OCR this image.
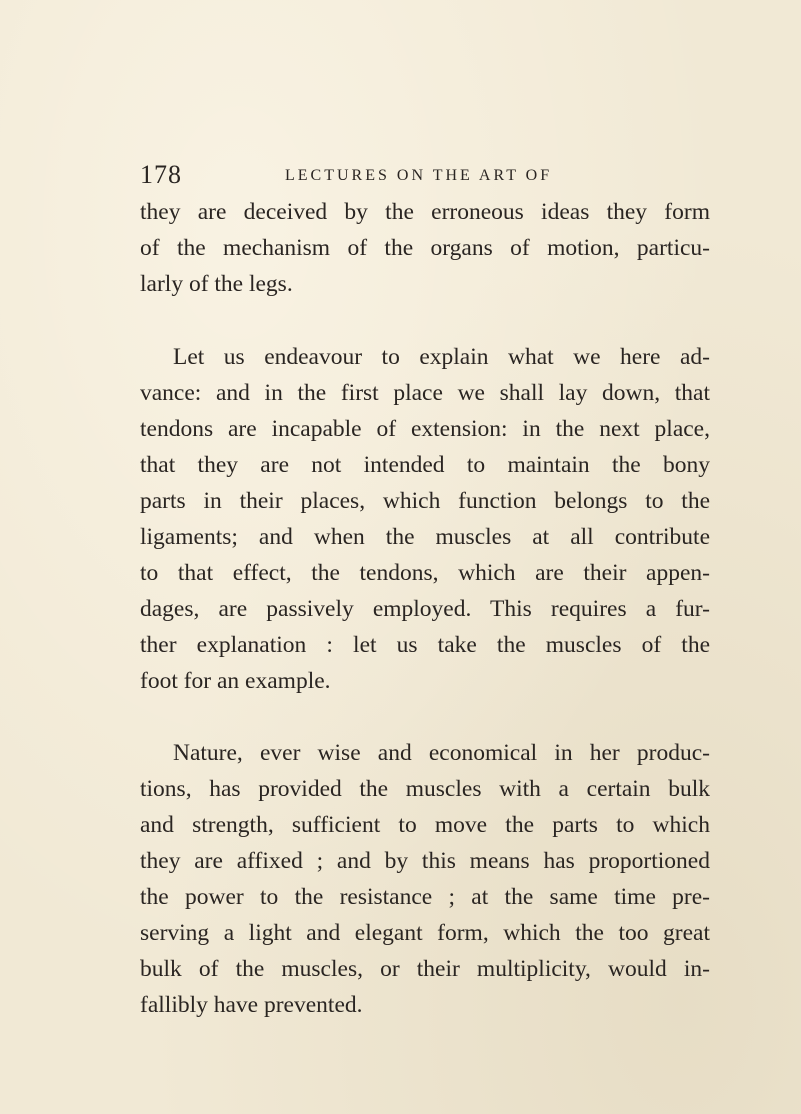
178	LECTURES ON THE ART OF
they are deceived by the erroneous ideas they form
of the mechanism of the organs of motion, particu-
larly of the legs.
Let us endeavour to explain what we here ad-
vance: and in the first place we shall lay down, that
tendons are incapable of extension: in the next place,
that they are not intended to maintain the bony
parts in their places, which function belongs to the
ligaments; and when the muscles at all contribute
to that effect, the tendons, which are their appen-
dages, are passively employed. This requires a fur-
ther explanation : let us take the muscles of the
foot for an example.
Nature, ever wise and economical in her produc-
tions, has provided the muscles with a certain bulk
and strength, sufficient to move the parts to which
they are affixed ; and by this means has proportioned
the power to the resistance ; at the same time pre-
serving a light and elegant form, which the too great
bulk of the muscles, or their multiplicity, would in-
fallibly have prevented.
